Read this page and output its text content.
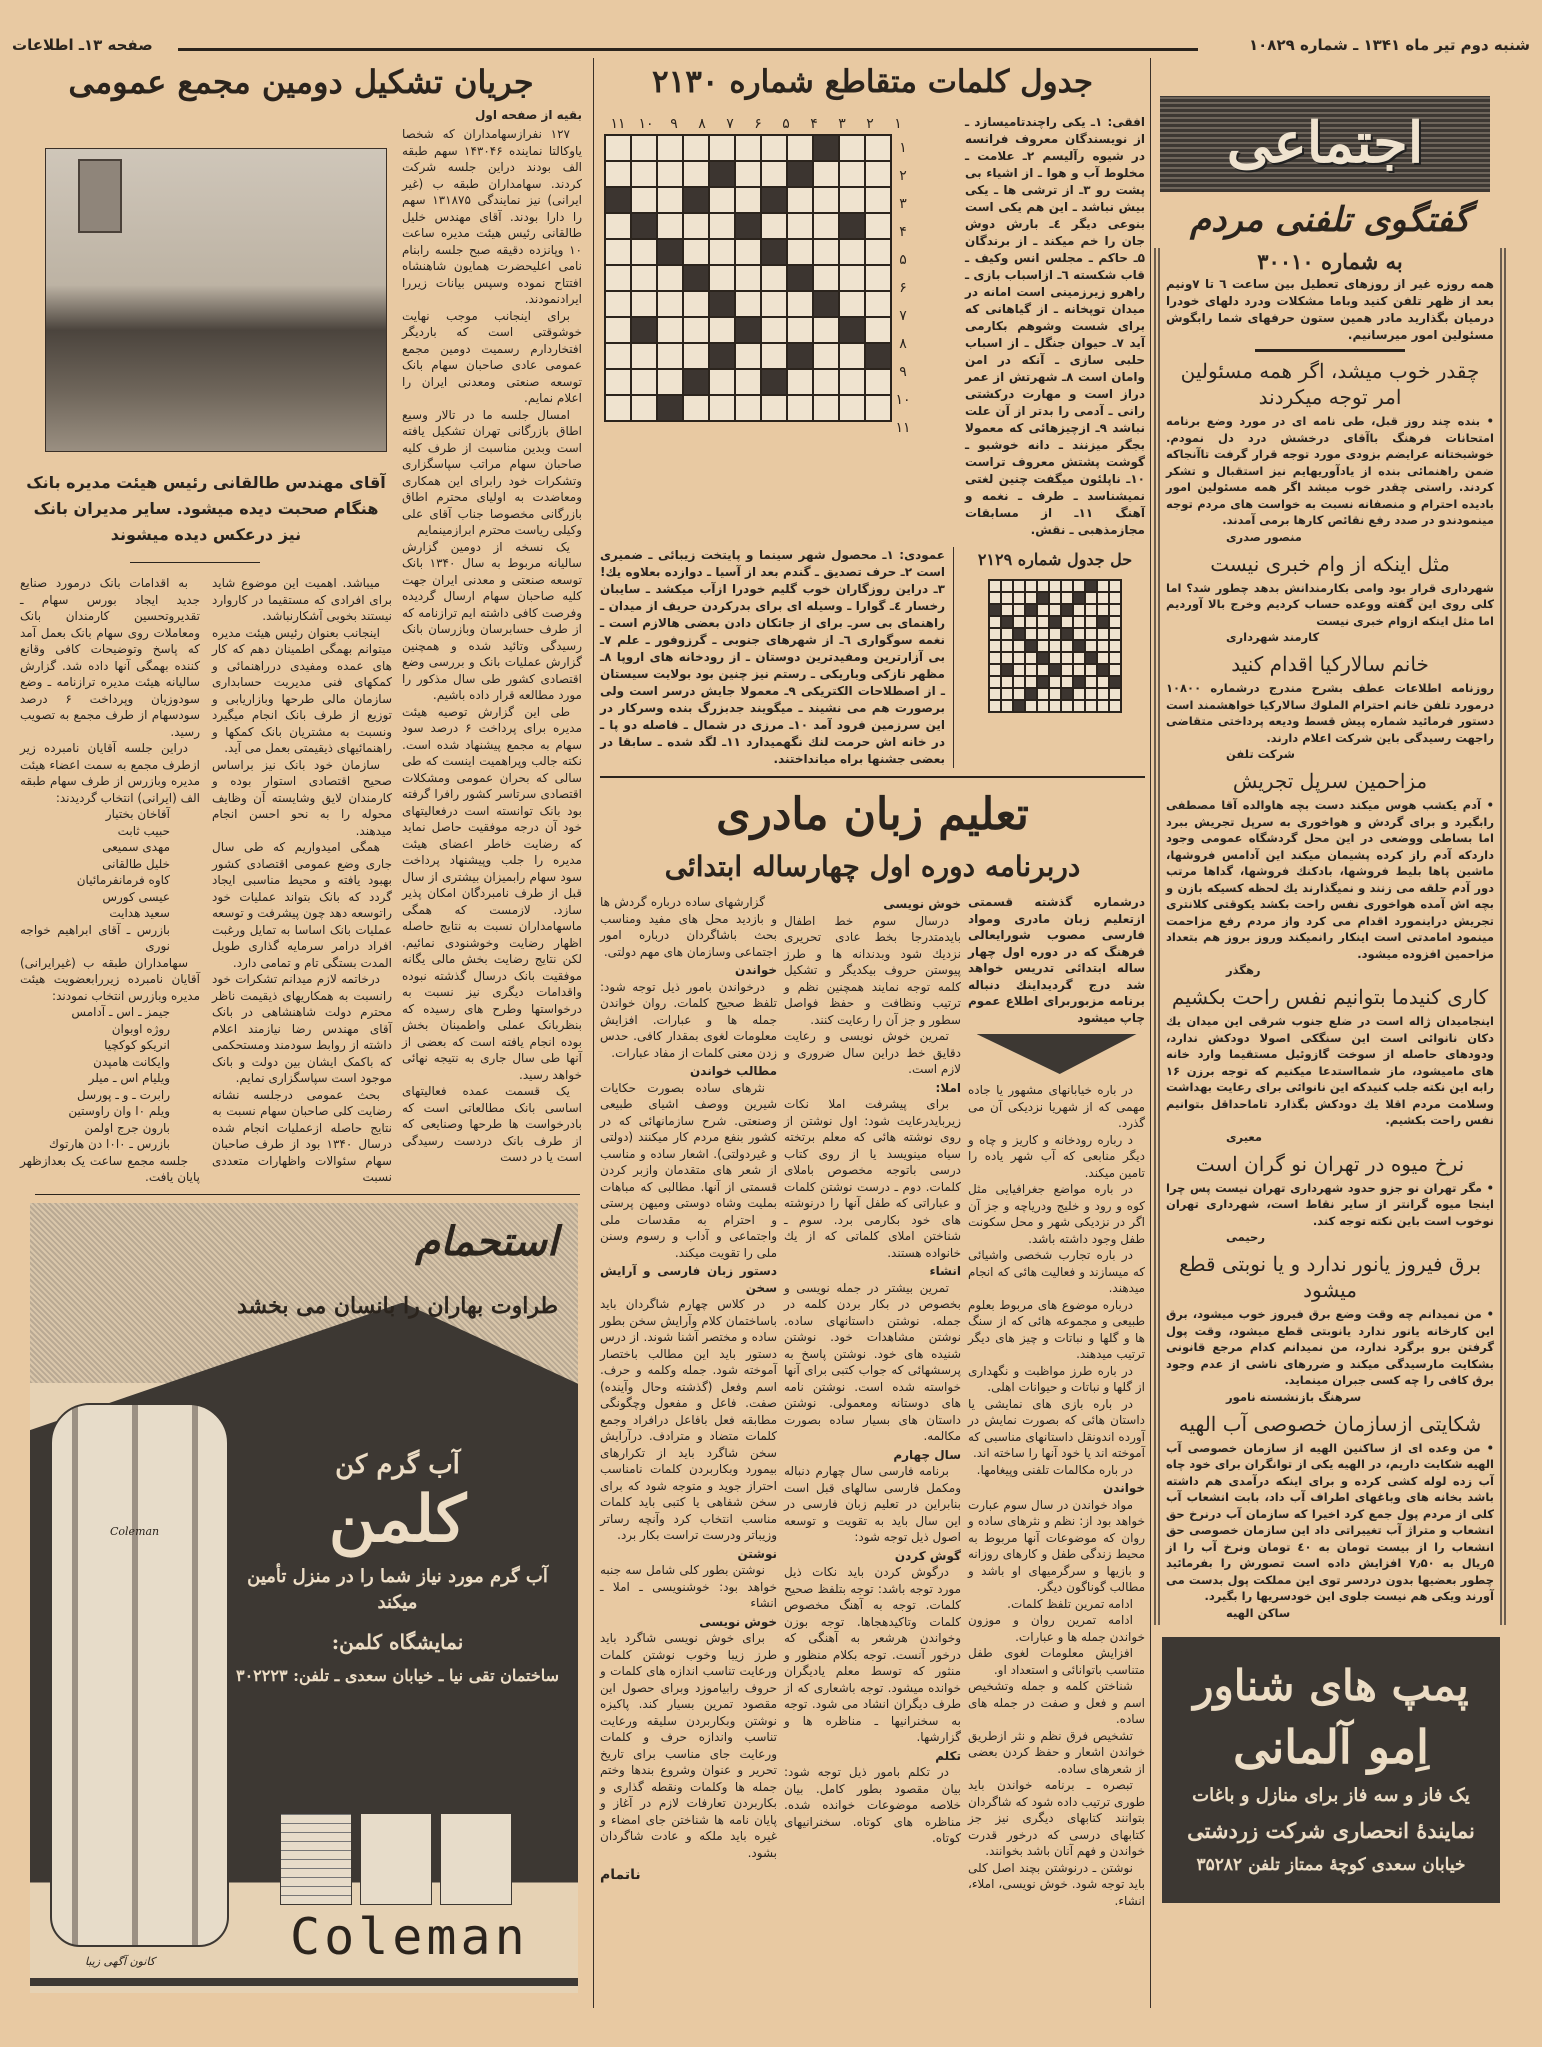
شنبه دوم تیر ماه ۱۳۴۱ ـ شماره ۱۰۸۲۹
صفحه ۱۳ـ اطلاعات
جریان تشکیل دومین مجمع عمومی
آقای مهندس طالقانی رئیس هیئت مدیره بانک هنگام صحبت دیده میشود. سایر مدیران بانک نیز درعکس دیده میشوند

به اقدامات بانک درمورد صنایع جدید ایجاد بورس سهام ـ تقدیروتحسین کارمندان بانک ومعاملات روی سهام بانک بعمل آمد که پاسخ وتوضیحات کافی وقانع کننده بهمگی آنها داده شد. گزارش سالیانه هیئت مدیره ترازنامه ـ وضع سودوزیان وپرداخت ۶ درصد سودسهام از طرف مجمع به تصویب رسید.

دراین جلسه آقایان نامبرده زیر ازطرف مجمع به سمت اعضاء هیئت مدیره وبازرس از طرف سهام طبقه الف (ایرانی) انتخاب گردیدند:

آقاخان بختیار
حبیب ثابت
مهدی سمیعی
خلیل طالقانی
کاوه فرمانفرمائیان
عیسی کورس
سعید هدایت
بازرس ـ آقای ابراهیم خواجه نوری

سهامداران طبقه ب (غیرایرانی) آقایان نامبرده زیررابعضویت هیئت مدیره وبازرس انتخاب نمودند:

جیمز ـ اس ـ آدامس
روژه اوبوان
انریکو کوکچیا
وایکانت هامپدن
ویلیام اس ـ میلر
رابرت ـ و ـ پورسل
ویلم ۰ا وان راوستین
بارون جرج اولمن
بازرس ـ ۰ا۰ا دن هارتوك

جلسه مجمع ساعت یک بعدازظهر پایان یافت.

میباشد. اهمیت این موضوع شاید برای افرادی که مستقیما در کاروارد نیستند بخوبی آشکارنباشد.

اینجانب بعنوان رئیس هیئت مدیره میتوانم بهمگی اطمینان دهم که کار های عمده ومفیدی درراهنمائی و کمکهای فنی مدیریت حسابداری سازمان مالی طرحها وبازاریابی و توزیع از طرف بانک انجام میگیرد ونسبت به مشتریان بانک کمکها و راهنمائیهای ذیقیمتی بعمل می آید.

سازمان خود بانک نیز براساس صحیح اقتصادی استوار بوده و کارمندان لایق وشایسته آن وظایف محوله را به نحو احسن انجام میدهند.

همگی امیدواریم که طی سال جاری وضع عمومی اقتصادی کشور بهبود یافته و محیط مناسبی ایجاد گردد که بانک بتواند عملیات خود راتوسعه دهد چون پیشرفت و توسعه عملیات بانک اساسا به تمایل ورغبت افراد درامر سرمایه گذاری طویل المدت بستگی تام و تمامی دارد.

درخاتمه لازم میدانم تشکرات خود رانسبت به همکاریهای ذیقیمت ناظر محترم دولت شاهنشاهی در بانک آقای مهندس رضا نیازمند اعلام داشته از روابط سودمند ومستحکمی که باکمک ایشان بین دولت و بانک موجود است سپاسگزاری نمایم.

بحث عمومی درجلسه نشانه رضایت کلی صاحبان سهام نسبت به نتایج حاصله ازعملیات انجام شده درسال ۱۳۴۰ بود از طرف صاحبان سهام سئوالات واظهارات متعددی نسبت

بقیه از صفحه اول

۱۲۷ نفرازسهامداران که شخصا یاوکالتا نماینده ۱۴۳۰۴۶ سهم طبقه الف بودند دراین جلسه شرکت کردند. سهامداران طبقه ب (غیر ایرانی) نیز نمایندگی ۱۳۱۸۷۵ سهم را دارا بودند. آقای مهندس خلیل طالقانی رئیس هیئت مدیره ساعت ۱۰ وپانزده دقیقه صبح جلسه رابنام نامی اعلیحضرت همایون شاهنشاه افتتاح نموده وسپس بیانات زیررا ایرادنمودند.

برای اینجانب موجب نهایت خوشوقتی است که باردیگر افتخاردارم رسمیت دومین مجمع عمومی عادی صاحبان سهام بانک توسعه صنعتی ومعدنی ایران را اعلام نمایم.

امسال جلسه ما در تالار وسیع اطاق بازرگانی تهران تشکیل یافته است وبدین مناسبت از طرف کلیه صاحبان سهام مراتب سپاسگزاری وتشکرات خود رابرای این همکاری ومعاضدت به اولیای محترم اطاق بازرگانی مخصوصا جناب آقای علی وکیلی ریاست محترم ابرازمینمایم

یک نسخه از دومین گزارش سالیانه مربوط به سال ۱۳۴۰ بانک توسعه صنعتی و معدنی ایران جهت کلیه صاحبان سهام ارسال گردیده وفرصت کافی داشته ایم ترازنامه که از طرف حسابرسان وبازرسان بانک رسیدگی وتائید شده و همچنین گزارش عملیات بانک و بررسی وضع اقتصادی کشور طی سال مذکور را مورد مطالعه قرار داده باشیم.

طی این گزارش توصیه هیئت مدیره برای پرداخت ۶ درصد سود سهام به مجمع پیشنهاد شده است. نکته جالب وپراهمیت اینست که طی سالی که بحران عمومی ومشکلات اقتصادی سرتاسر کشور رافرا گرفته بود بانک توانسته است درفعالیتهای خود آن درجه موفقیت حاصل نماید که رضایت خاطر اعضای هیئت مدیره را جلب وپیشنهاد پرداخت سود سهام رابمیزان بیشتری از سال قبل از طرف نامبردگان امکان پذیر سازد. لازمست که همگی ماسهامداران نسبت به نتایج حاصله اظهار رضایت وخوشنودی نمائیم. لکن نتایج رضایت بخش مالی یگانه موفقیت بانک درسال گذشته نبوده واقدامات دیگری نیز نسبت به درخواستها وطرح های رسیده که بنظربانک عملی واطمینان بخش بوده انجام یافته است که بعضی از آنها طی سال جاری به نتیجه نهائی خواهد رسید.

یک قسمت عمده فعالیتهای اساسی بانک مطالعاتی است که بادرخواست ها طرحها وصنایعی که از طرف بانک دردست رسیدگی است یا در دست

استحمام
طراوت بهاران را بانسان می بخشد
آب گرم کن
کلمن
آب گرم مورد نیاز شما را در منزل تأمین میکند
نمایشگاه کلمن:
ساختمان تقی نیا ـ خیابان سعدی ـ تلفن: ۳۰۲۲۲۳
Coleman
Coleman
کانون آگهی زیبا
جدول کلمات متقاطع شماره ۲۱۳۰
۱
۲
۳
۴
۵
۶
۷
۸
۹
۱۰
۱۱

۱
۲
۳
۴
۵
۶
۷
۸
۹
۱۰
۱۱
افقی: ۱ـ یکی راچندتامیسازد ـ از نویسندگان معروف فرانسه در شیوه رآلیسم ۲ـ علامت ـ مخلوط آب و هوا ـ از اشیاء بی پشت رو ۳ـ از ترشی ها ـ یکی بیش نباشد ـ این هم یکی است بنوعی دیگر ٤ـ بارش دوش جان را خم میکند ـ از برندگان ۵ـ حاکم ـ مجلس انس وکیف ـ قاب شکسته ٦ـ ازاسباب بازی ـ راهرو زیرزمینی است امانه در میدان توپخانه ـ از گیاهانی که برای شست وشوهم بکارمی آید ۷ـ حیوان جنگل ـ از اسباب حلبی سازی ـ آنکه در امن وامان است ۸ـ شهرتش از عمر دراز است و مهارت درکشتی رانی ـ آدمی را بدتر از آن علت نباشد ۹ـ ازچیزهائی که معمولا بجگر میزنند ـ دانه خوشبو ـ گوشت پشتش معروف تراست ۱۰ـ ناپلئون میگفت چنین لغتی نمیشناسد ـ طرف ـ نغمه و آهنگ ۱۱ـ از مسابقات مجازمذهبی ـ نقش.
عمودی: ۱ـ محصول شهر سینما و پایتخت زیبائی ـ ضمیری است ۲ـ حرف تصدیق ـ گندم بعد از آسیا ـ دوازده بعلاوه یك! ۳ـ دراین روزگاران خوب گلیم خودرا ازآب میکشد ـ سایبان رخسار ٤ـ گوارا ـ وسیله ای برای بدرکردن حریف از میدان ـ راهنمای بی سرـ برای از جاتکان دادن بعضی هالازم است ـ نغمه سوگواری ٦ـ از شهرهای جنوبی ـ گرزوفور ـ علم ۷ـ بی آزارترین ومفیدترین دوستان ـ از رودخانه های اروپا ۸ـ مظهر نازکی وباریکی ـ رستم نیز چنین بود بولایت سیستان ـ از اصطلاحات الکتریکی ۹ـ معمولا جایش درسر است ولی برصورت هم می نشیند ـ میگویند جدبزرگ بنده وسرکار در این سرزمین فرود آمد ۱۰ـ مرزی در شمال ـ فاصله دو پا ـ در خانه اش حرمت لنك نگهمیدارد ۱۱ـ لگد شده ـ سابقا در بعضی جشنها براه میانداختند.
حل جدول شماره ۲۱۲۹

تعلیم زبان مادری
دربرنامه دوره اول چهارساله ابتدائی

گزارشهای ساده درباره گردش ها و بازدید محل های مفید ومناسب بحث باشاگردان درباره امور اجتماعی وسازمان های مهم دولتی.

خواندن

درخواندن بامور ذیل توجه شود: تلفظ صحیح کلمات. روان خواندن جمله ها و عبارات. افزایش معلومات لغوی بمقدار کافی. حدس زدن معنی کلمات از مفاد عبارات.

مطالب خواندن

نثرهای ساده بصورت حکایات شیرین ووصف اشیای طبیعی وصنعتی. شرح سازمانهائی که در کشور بنفع مردم کار میکنند (دولتی و غیردولتی). اشعار ساده و مناسب از شعر های متقدمان وازبر کردن قسمتی از آنها. مطالبی که مباهات بملیت وشاه دوستی ومیهن پرستی و احترام به مقدسات ملی واجتماعی و آداب و رسوم وسنن ملی را تقویت میکند.

دستور زبان فارسی و آرایش سخن

در کلاس چهارم شاگردان باید باساختمان کلام وآرایش سخن بطور ساده و مختصر آشنا شوند. از درس دستور باید این مطالب باختصار آموخته شود. جمله وکلمه و حرف. اسم وفعل (گذشته وحال وآینده) صفت. فاعل و مفعول وچگونگی مطابقه فعل بافاعل درافراد وجمع کلمات متضاد و مترادف. درآرایش سخن شاگرد باید از تکرارهای بیمورد وبکاربردن کلمات نامناسب احتراز جوید و متوجه شود که برای سخن شفاهی یا کتبی باید کلمات مناسب انتخاب کرد وآنچه رساتر وزیباتر ودرست تراست بکار برد.

نوشتن

نوشتن بطور کلی شامل سه جنبه خواهد بود: خوشنویسی ـ املا ـ انشاء

خوش نویسی

برای خوش نویسی شاگرد باید طرز زیبا وخوب نوشتن کلمات ورعایت تناسب اندازه های کلمات و حروف رابیاموزد وبرای حصول این مقصود تمرین بسیار کند. پاکیزه نوشتن وبکاربردن سلیقه ورعایت تناسب واندازه حرف و کلمات ورعایت جای مناسب برای تاریخ تحریر و عنوان وشروع بندها وختم جمله ها وکلمات ونقطه گذاری و بکاربردن تعارفات لازم در آغاز و پایان نامه ها شناختن جای امضاء و غیره باید ملکه و عادت شاگردان بشود.

ناتمام
خوش نویسی

درسال سوم خط اطفال بایدمتدرجا بخط عادی تحریری نزدیك شود وبدندانه ها و طرز پیوستن حروف بیکدیگر و تشکیل کلمه توجه نمایند همچنین نظم و ترتیب ونظافت و حفظ فواصل سطور و جز آن را رعایت کنند.

تمرین خوش نویسی و رعایت دقایق خط دراین سال ضروری و لازم است.

املا:

برای پیشرفت املا نکات زیربایدرعایت شود: اول نوشتن از روی نوشته هائی که معلم برتخته سیاه مینویسد یا از روی کتاب درسی باتوجه مخصوص باملای کلمات. دوم ـ درست نوشتن کلمات و عباراتی که طفل آنها را درنوشته های خود بکارمی برد. سوم ـ شناختن املای کلماتی که از یك خانواده هستند.

انشاء

تمرین بیشتر در جمله نویسی و بخصوص در بکار بردن کلمه در جمله. نوشتن داستانهای ساده. نوشتن مشاهدات خود. نوشتن شنیده های خود. نوشتن پاسخ به پرسشهائی که جواب کتبی برای آنها خواسته شده است. نوشتن نامه های دوستانه ومعمولی. نوشتن داستان های بسیار ساده بصورت مکالمه.

سال چهارم

برنامه فارسی سال چهارم دنباله ومکمل فارسی سالهای قبل است بنابراین در تعلیم زبان فارسی در این سال باید به تقویت و توسعه اصول ذیل توجه شود:

گوش کردن

درگوش کردن باید نکات ذیل مورد توجه باشد: توجه بتلفظ صحیح کلمات. توجه به آهنگ مخصوص کلمات وتاکیدهجاها. توجه بوزن وخواندن هرشعر به آهنگی که درخور آنست. توجه بکلام منظور و منثور که توسط معلم یادیگران خوانده میشود. توجه باشعاری که از طرف دیگران انشاد می شود. توجه به سخنرانیها ـ مناظره ها و گزارشها.

تکلم

در تکلم بامور ذیل توجه شود: بیان مقصود بطور کامل. بیان خلاصه موضوعات خوانده شده. مناظره های کوتاه. سخنرانیهای کوتاه.

درشماره گذشته قسمتی ازتعلیم زبان مادری ومواد فارسی مصوب شورایعالی فرهنگ که در دوره اول چهار ساله ابتدائی تدریس خواهد شد درج گردیداینك دنباله برنامه مزبوربرای اطلاع عموم چاپ میشود

در باره خیابانهای مشهور یا جاده مهمی که از شهریا نزدیکی آن می گذرد.

د رباره رودخانه و کاریز و چاه و دیگر منابعی که آب شهر یاده را تامین میکند.

در باره مواضع جغرافیایی مثل کوه و رود و خلیج ودریاچه و جز آن اگر در نزدیکی شهر و محل سکونت طفل وجود داشته باشد.

در باره تجارب شخصی واشیائی که میسازند و فعالیت هائی که انجام میدهند.

درباره موضوع های مربوط بعلوم طبیعی و مجموعه هائی که از سنگ ها و گلها و نباتات و چیز های دیگر ترتیب میدهند.

در باره طرز مواظبت و نگهداری از گلها و نباتات و حیوانات اهلی.

در باره بازی های نمایشی یا داستان هائی که بصورت نمایش در آورده اندونقل داستانهای مناسبی که آموخته اند یا خود آنها را ساخته اند.

در باره مکالمات تلفنی وپیغامها.

خواندن

مواد خواندن در سال سوم عبارت خواهد بود از: نظم و نثرهای ساده و روان که موضوعات آنها مربوط به محیط زندگی طفل و کارهای روزانه و بازیها و سرگرمیهای او باشد و مطالب گوناگون دیگر.

ادامه تمرین تلفظ کلمات.

ادامه تمرین روان و موزون خواندن جمله ها و عبارات.

افزایش معلومات لغوی طفل متناسب باتوانائی و استعداد او.

شناختن کلمه و جمله وتشخیص اسم و فعل و صفت در جمله های ساده.

تشخیص فرق نظم و نثر ازطریق خواندن اشعار و حفظ کردن بعضی از شعرهای ساده.

تبصره ـ برنامه خواندن باید طوری ترتیب داده شود که شاگردان بتوانند کتابهای دیگری نیز جز کتابهای درسی که درخور قدرت خواندن و فهم آنان باشد بخوانند.

نوشتن ـ درنوشتن بچند اصل کلی باید توجه شود. خوش نویسی، املاء، انشاء.

اجتماعی
گفتگوی تلفنی مردم
به شماره ۳۰۰۱۰
همه روزه غیر از روزهای تعطیل بین ساعت ٦ تا ۷ونیم بعد از ظهر تلفن کنید وباما مشکلات ودرد دلهای خودرا درمیان بگذارید مادر همین ستون حرفهای شما رابگوش مسئولین امور میرسانیم.
چقدر خوب میشد، اگر همه مسئولین امر توجه میکردند
• بنده چند روز قبل، طی نامه ای در مورد وضع برنامه امتحانات فرهنگ باآقای درخشش درد دل نمودم. خوشبختانه عرایضم بزودی مورد توجه قرار گرفت تاآنجاکه ضمن راهنمائی بنده از یادآوریهایم نیز استقبال و تشکر کردند. راستی چقدر خوب میشد اگر همه مسئولین امور بادیده احترام و منصفانه نسبت به خواست های مردم توجه مینمودندو در صدد رفع نقائص کارها برمی آمدند.
منصور صدری
مثل اینکه از وام خبری نیست
شهرداری قرار بود وامی بکارمندانش بدهد چطور شد؟ اما کلی روی این گفته ووعده حساب کردیم وخرج بالا آوردیم اما مثل اینکه ازوام خبری نیست
کارمند شهرداری
خانم سالارکیا اقدام کنید
روزنامه اطلاعات عطف بشرح مندرج درشماره ۱۰۸۰۰ درمورد تلفن خانم احترام الملوك سالارکیا خواهشمند است دستور فرمائید شماره پیش قسط ودیعه پرداختی متقاضی راجهت رسیدگی باین شرکت اعلام دارند.
شرکت تلفن
مزاحمین سرپل تجریش
• آدم یکشب هوس میکند دست بچه هاوالده آقا مصطفی رابگیرد و برای گردش و هواخوری به سرپل تجریش ببرد اما بساطی ووضعی در این محل گردشگاه عمومی وجود داردکه آدم راز کرده پشیمان میکند این آدامس فروشها، ماشین پاها بلیط فروشها، بادکنك فروشها، گداها مرتب دور آدم حلقه می زنند و نمیگذارند یك لحظه کسیکه بازن و بچه اش آمده هواخوری نفس راحت بکشد یکوقتی کلانتری تجریش دراینمورد اقدام می کرد واز مردم رفع مزاحمت مینمود امامدتی است اینکار رانمیکند وروز بروز هم بتعداد مزاحمین افزوده میشود.
رهگذر
کاری کنیدما بتوانیم نفس راحت بکشیم
اینجامیدان ژاله است در ضلع جنوب شرقی این میدان یك دکان نانوائی است این سنگکی اصولا دودکش ندارد، ودودهای حاصله از سوخت گازوئیل مستقیما وارد خانه های مامیشود، ماز شمااستدعا میکنیم که توجه برزن ۱۶ رابه این نکته جلب کنیدکه این نانوائی برای رعایت بهداشت وسلامت مردم اقلا یك دودکش بگذارد تاماحداقل بتوانیم نفس راحت بکشیم.
معیری
نرخ میوه در تهران نو گران است
• مگر تهران نو جزو حدود شهرداری تهران نیست پس چرا اینجا میوه گرانتر از سایر نقاط است، شهرداری تهران نوخوب است باین نکته توجه کند.
رحیمی
برق فیروز یانور ندارد و یا نوبتی قطع میشود
• من نمیدانم چه وقت وضع برق فیروز خوب میشود، برق این کارخانه یانور ندارد یانوبتی قطع میشود، وقت پول گرفتن برو برگرد ندارد، من نمیدانم کدام مرجع قانونی بشکایت مارسیدگی میکند و ضررهای ناشی از عدم وجود برق کافی را چه کسی جبران مینماید.
سرهنگ بازنشسته نامور
شکایتی ازسازمان خصوصی آب الهیه
• من وعده ای از ساکنین الهیه از سازمان خصوصی آب الهیه شکایت داریم، در الهیه یکی از توانگران برای خود چاه آب زده لوله کشی کرده و برای اینکه درآمدی هم داشته باشد بخانه های وباغهای اطراف آب داد، بابت انشعاب آب کلی از مردم پول جمع کرد اخیرا که سازمان آب درنرخ حق انشعاب و متراژ آب تغییراتی داد این سازمان خصوصی حق انشعاب را از بیست تومان به ٤۰ تومان ونرخ آب را از ۵ریال به ۷٫۵۰ افزایش داده است تصورش را بفرمائید چطور بعضیها بدون دردسر توی این مملکت پول بدست می آورند ویکی هم نیست جلوی این خودسریها را بگیرد.
ساکن الهیه
پمپ های شناور
اِمو آلمانی
یک فاز و سه فاز برای منازل و باغات
نمایندهٔ انحصاری شرکت زردشتی
خیابان سعدی کوچهٔ ممتاز تلفن ۳۵۲۸۲
